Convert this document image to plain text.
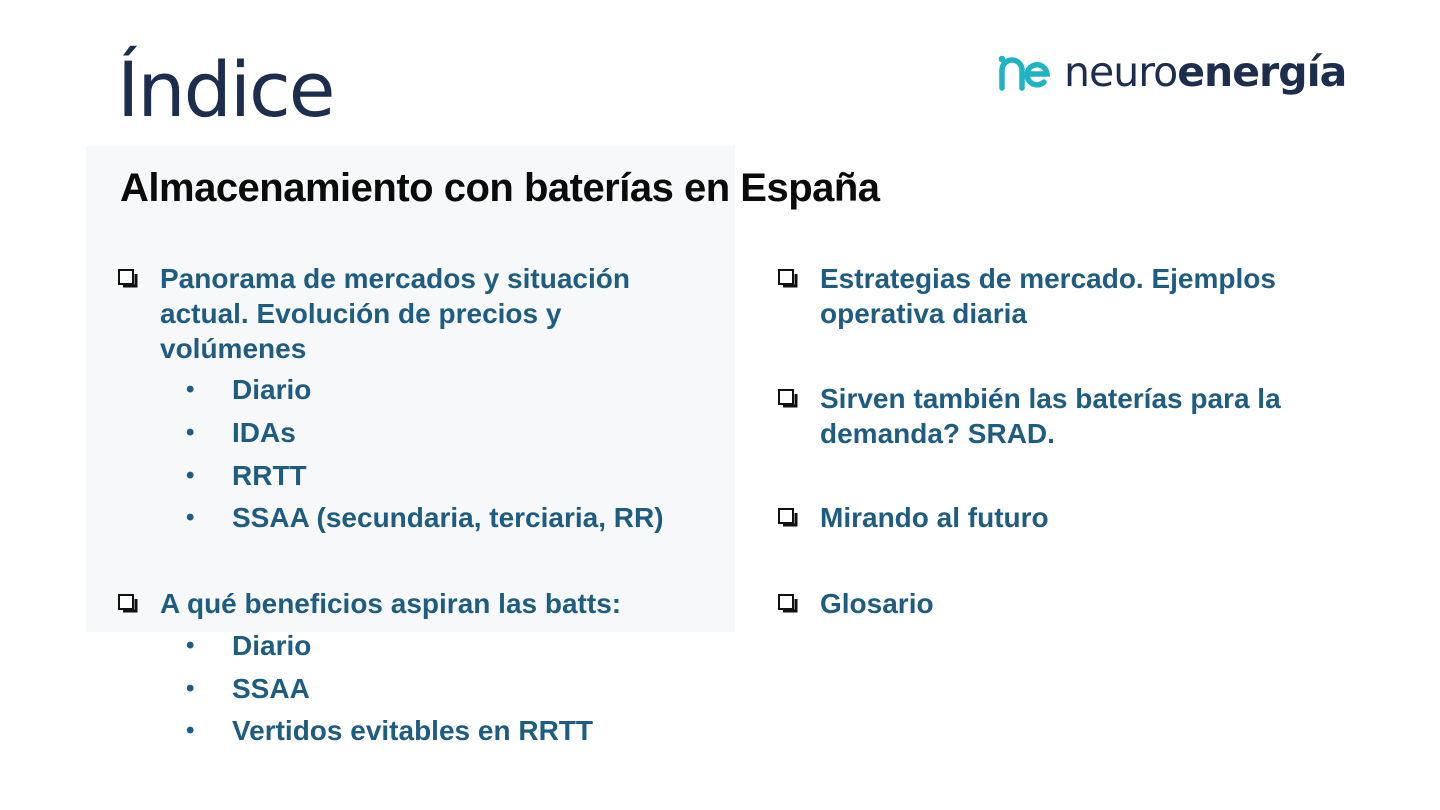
Índice	neuroenergía
Almacenamiento con baterías en España
Panorama de mercados y situación
actual. Evolución de precios y
volúmenes
•	Diario
•	IDAs
•	RRTT
•	SSAA (secundaria, terciaria, RR)
A qué beneficios aspiran las batts:
•	Diario
•	SSAA
•	Vertidos evitables en RRTT
Estrategias de mercado. Ejemplos
operativa diaria
Sirven también las baterías para la
demanda? SRAD.
Mirando al futuro
Glosario
